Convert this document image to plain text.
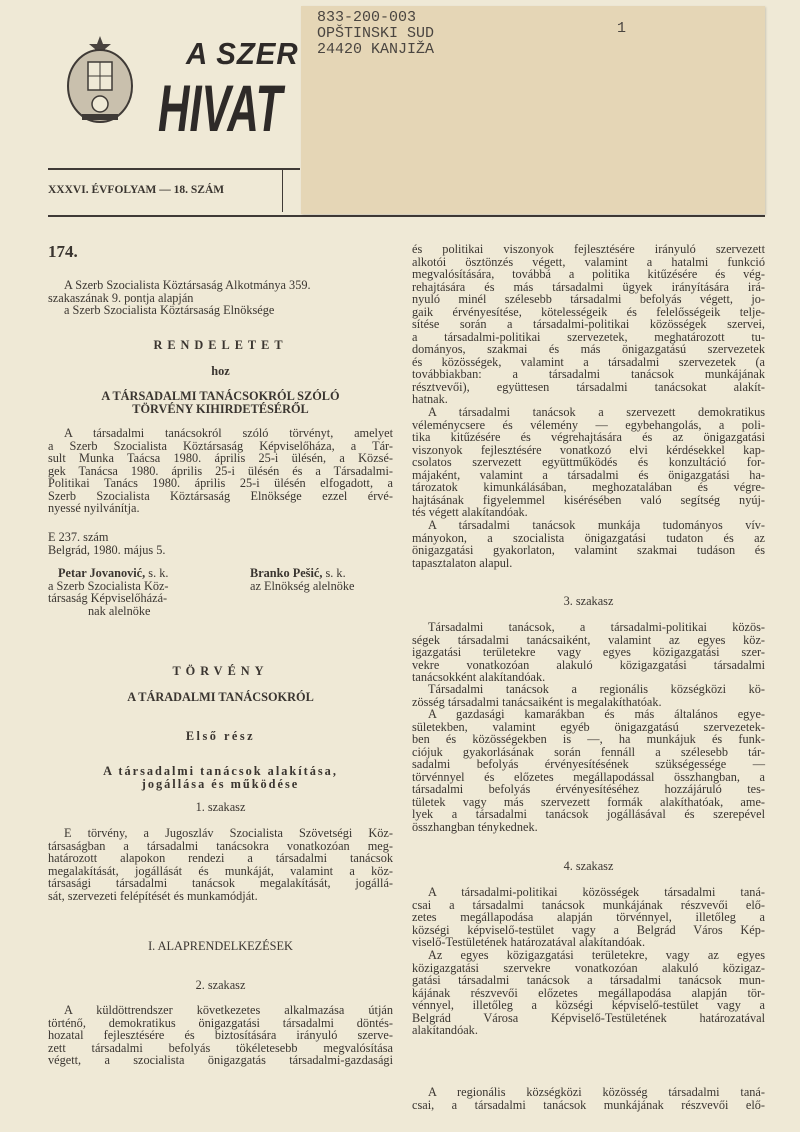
A SZER
HIVAT
XXXVI. ÉVFOLYAM — 18. SZÁM
833-200-003
OPŠTINSKI SUD
24420 KANJIŽA
1
174.
A Szerb Szocialista Köztársaság Alkotmánya 359.
szakaszának 9. pontja alapján
a Szerb Szocialista Köztársaság Elnöksége
RENDELETET
hoz
A TÁRSADALMI TANÁCSOKRÓL SZÓLÓ
TÖRVÉNY KIHIRDETÉSÉRŐL
A társadalmi tanácsokról szóló törvényt, amelyet
a Szerb Szocialista Köztársaság Képviselőháza, a Tár-
sult Munka Taácsa 1980. április 25-i ülésén, a Közsé-
gek Tanácsa 1980. április 25-i ülésén és a Társadalmi-
Politikai Tanács 1980. április 25-i ülésén elfogadott, a
Szerb Szocialista Köztársaság Elnöksége ezzel érvé-
nyessé nyilvánítja.
E 237. szám
Belgrád, 1980. május 5.
Petar Jovanović, s. k.
a Szerb Szocialista Köz-
társaság Képviselőházá-
nak alelnöke
Branko Pešić, s. k.
az Elnökség alelnöke
TÖRVÉNY
A TÁRADALMI TANÁCSOKRÓL
Első rész
A társadalmi tanácsok alakítása,
jogállása és működése
1. szakasz
E törvény, a Jugoszláv Szocialista Szövetségi Köz-
társaságban a társadalmi tanácsokra vonatkozóan meg-
határozott alapokon rendezi a társadalmi tanácsok
megalakítását, jogállását és munkáját, valamint a köz-
társasági társadalmi tanácsok megalakítását, jogállá-
sát, szervezeti felépítését és munkamódját.
I. ALAPRENDELKEZÉSEK
2. szakasz
A küldöttrendszer következetes alkalmazása útján
történő, demokratikus önigazgatási társadalmi döntés-
hozatal fejlesztésére és biztosítására irányuló szerve-
zett társadalmi befolyás tökéletesebb megvalósítása
végett, a szocialista önigazgatás társadalmi-gazdasági
és politikai viszonyok fejlesztésére irányuló szervezett
alkotói ösztönzés végett, valamint a hatalmi funkció
megvalósítására, továbbá a politika kitűzésére és vég-
rehajtására és más társadalmi ügyek irányítására irá-
nyuló minél szélesebb társadalmi befolyás végett, jo-
gaik érvényesítése, kötelességeik és felelősségeik telje-
sítése során a társadalmi-politikai közösségek szervei,
a társadalmi-politikai szervezetek, meghatározott tu-
dományos, szakmai és más önigazgatású szervezetek
és közösségek, valamint a társadalmi szervezetek (a
továbbiakban: a társadalmi tanácsok munkájának
résztvevői), együttesen társadalmi tanácsokat alakít-
hatnak.
A társadalmi tanácsok a szervezett demokratikus
véleménycsere és vélemény — egybehangolás, a poli-
tika kitűzésére és végrehajtására és az önigazgatási
viszonyok fejlesztésére vonatkozó elvi kérdésekkel kap-
csolatos szervezett együttműködés és konzultáció for-
májaként, valamint a társadalmi és önigazgatási ha-
tározatok kimunkálásában, meghozatalában és végre-
hajtásának figyelemmel kisérésében való segítség nyúj-
tés végett alakítandóak.
A társadalmi tanácsok munkája tudományos vív-
mányokon, a szocialista önigazgatási tudaton és az
önigazgatási gyakorlaton, valamint szakmai tudáson és
tapasztalaton alapul.
3. szakasz
Társadalmi tanácsok, a társadalmi-politikai közös-
ségek társadalmi tanácsaiként, valamint az egyes köz-
igazgatási területekre vagy egyes közigazgatási szer-
vekre vonatkozóan alakuló közigazgatási társadalmi
tanácsokként alakítandóak.
Társadalmi tanácsok a regionális községközi kö-
zösség társadalmi tanácsaiként is megalakíthatóak.
A gazdasági kamarákban és más általános egye-
sületekben, valamint egyéb önigazgatású szervezetek-
ben és közösségekben is —, ha munkájuk és funk-
ciójuk gyakorlásának során fennáll a szélesebb tár-
sadalmi befolyás érvényesítésének szükségessége —
törvénnyel és előzetes megállapodással összhangban, a
társadalmi befolyás érvényesítéséhez hozzájáruló tes-
tületek vagy más szervezett formák alakíthatóak, ame-
lyek a társadalmi tanácsok jogállásával és szerepével
összhangban ténykednek.
4. szakasz
A társadalmi-politikai közösségek társadalmi taná-
csai a társadalmi tanácsok munkájának részvevői elő-
zetes megállapodása alapján törvénnyel, illetőleg a
községi képviselő-testület vagy a Belgrád Város Kép-
viselő-Testületének határozatával alakítandóak.
Az egyes közigazgatási területekre, vagy az egyes
közigazgatási szervekre vonatkozóan alakuló közigaz-
gatási társadalmi tanácsok a társadalmi tanácsok mun-
kájának részvevői előzetes megállapodása alapján tör-
vénnyel, illetőleg a községi képviselő-testület vagy a
Belgrád Városa Képviselő-Testületének határozatával
alakítandóak.
A regionális községközi közösség társadalmi taná-
csai, a társadalmi tanácsok munkájának részvevői elő-
